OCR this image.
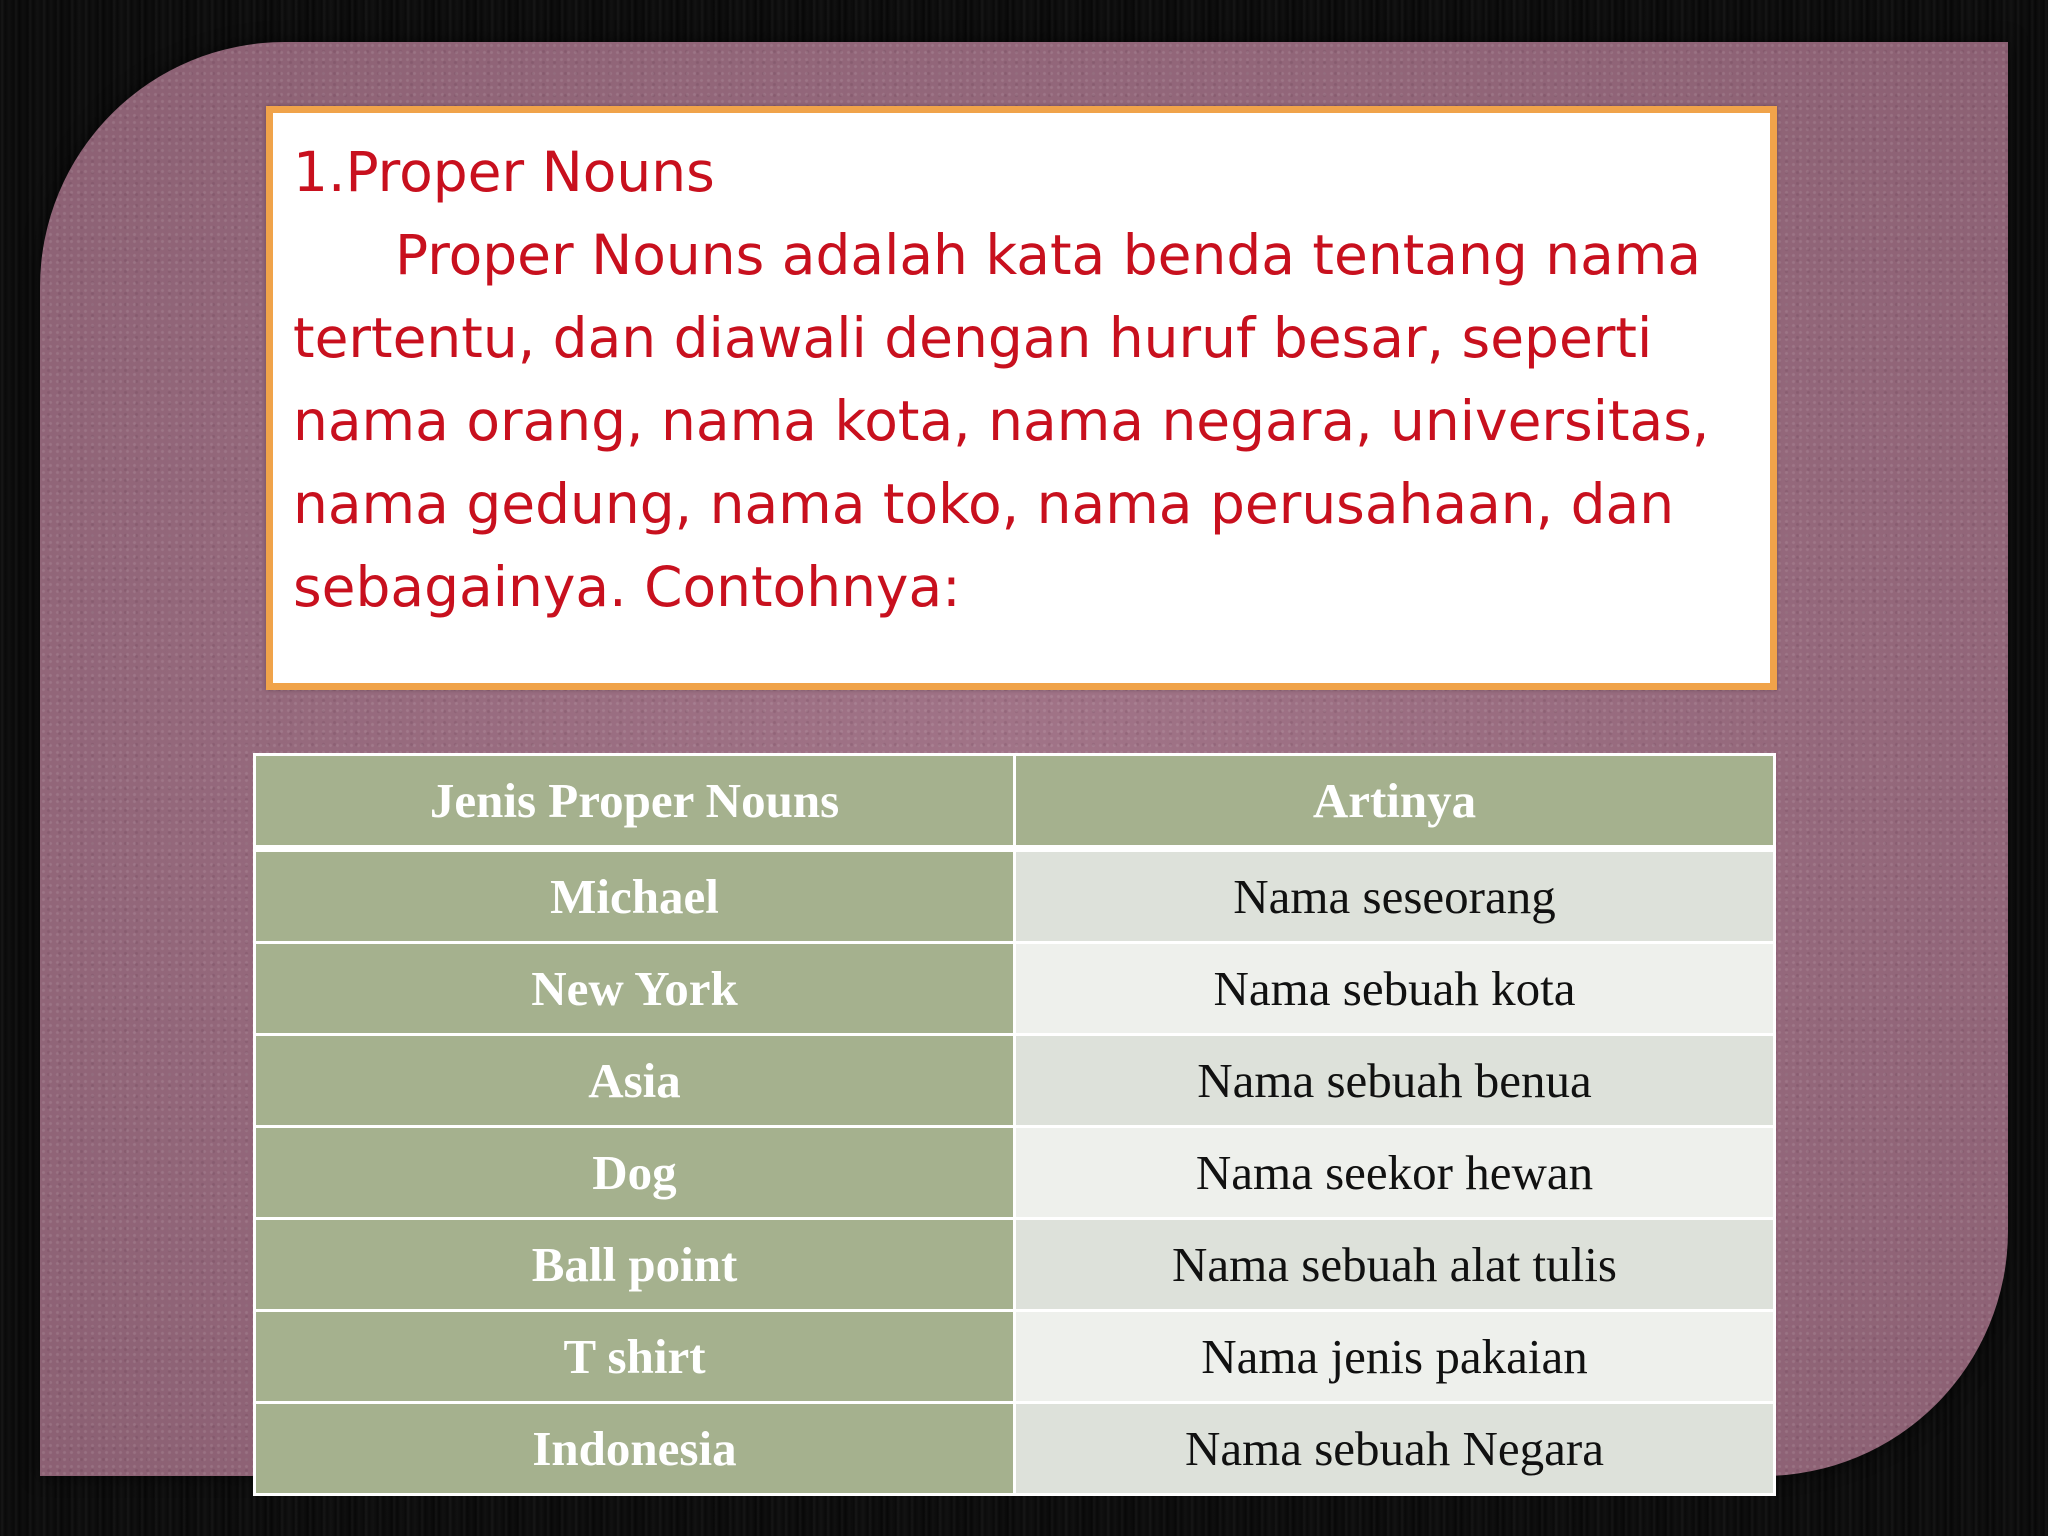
1.Proper Nouns
Proper Nouns adalah kata benda tentang nama tertentu, dan diawali dengan huruf besar, seperti nama orang, nama kota, nama negara, universitas, nama gedung, nama toko, nama perusahaan, dan sebagainya. Contohnya:
Jenis Proper Nouns	Artinya
Michael	Nama seseorang
New York	Nama sebuah kota
Asia	Nama sebuah benua
Dog	Nama seekor hewan
Ball point	Nama sebuah alat tulis
T shirt	Nama jenis pakaian
Indonesia	Nama sebuah Negara
